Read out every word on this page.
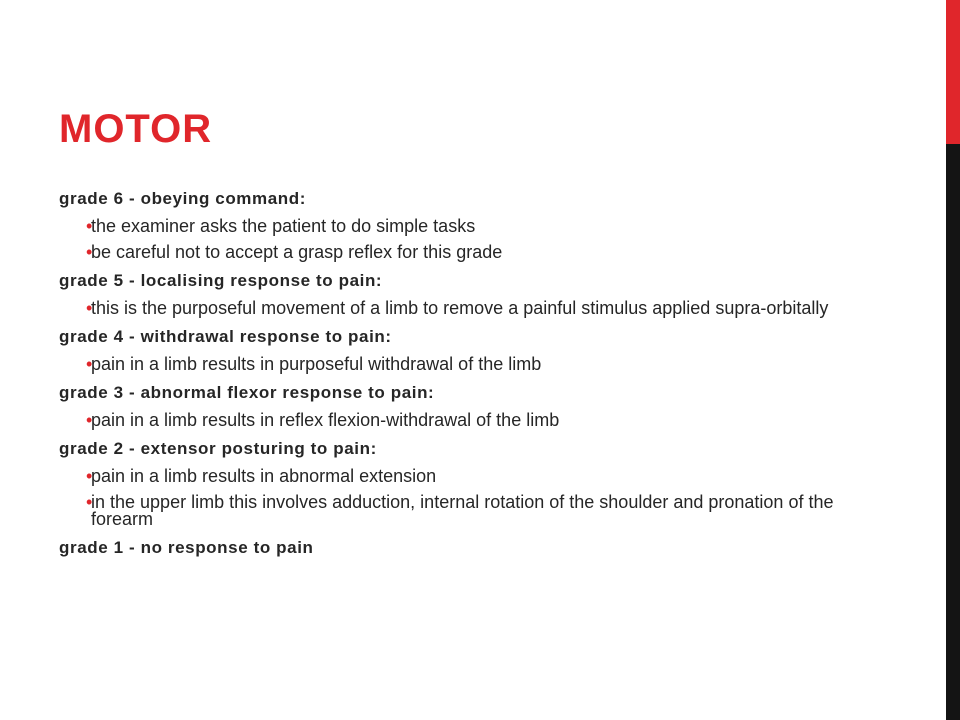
MOTOR
grade 6 - obeying command:
•
the examiner asks the patient to do simple tasks
•
be careful not to accept a grasp reflex for this grade
grade 5 - localising response to pain:
•
this is the purposeful movement of a limb to remove a painful stimulus applied supra-orbitally
grade 4 - withdrawal response to pain:
•
pain in a limb results in purposeful withdrawal of the limb
grade 3 - abnormal flexor response to pain:
•
pain in a limb results in reflex flexion-withdrawal of the limb
grade 2 - extensor posturing to pain:
•
pain in a limb results in abnormal extension
•
in the upper limb this involves adduction, internal rotation of the shoulder and pronation of the forearm
grade 1 - no response to pain
